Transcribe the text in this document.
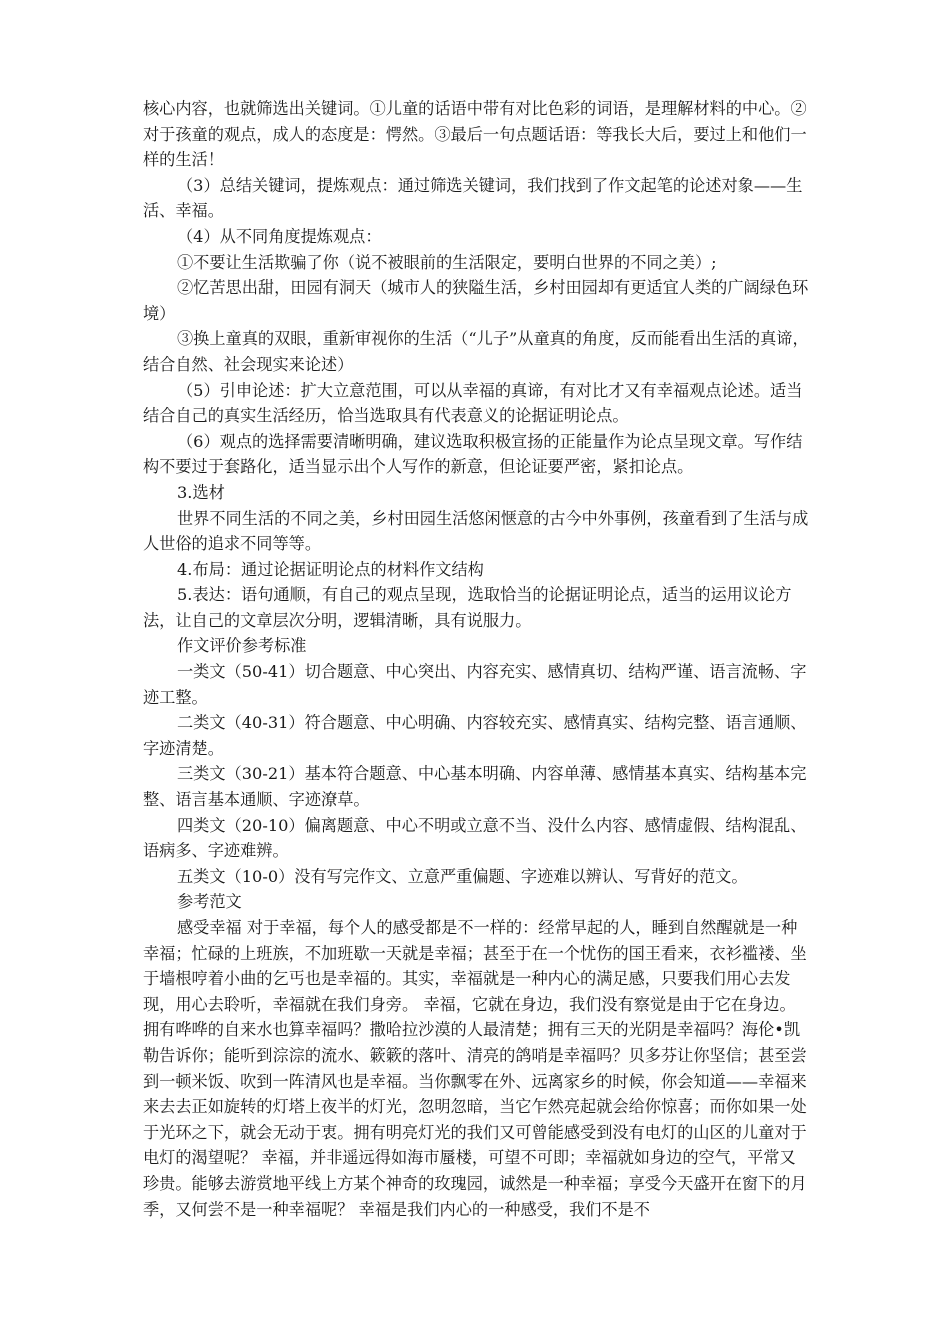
核心内容，也就筛选出关键词。①儿童的话语中带有对比色彩的词语，是理解材料的中心。②对于孩童的观点，成人的态度是：愕然。③最后一句点题话语：等我长大后，要过上和他们一样的生活！

（3）总结关键词，提炼观点：通过筛选关键词，我们找到了作文起笔的论述对象——生活、幸福。

（4）从不同角度提炼观点：

①不要让生活欺骗了你（说不被眼前的生活限定，要明白世界的不同之美）;

②忆苦思出甜，田园有洞天（城市人的狭隘生活，乡村田园却有更适宜人类的广阔绿色环境）

③换上童真的双眼，重新审视你的生活（“儿子”从童真的角度，反而能看出生活的真谛，结合自然、社会现实来论述）

（5）引申论述：扩大立意范围，可以从幸福的真谛，有对比才又有幸福观点论述。适当结合自己的真实生活经历，恰当选取具有代表意义的论据证明论点。

（6）观点的选择需要清晰明确，建议选取积极宣扬的正能量作为论点呈现文章。写作结构不要过于套路化，适当显示出个人写作的新意，但论证要严密，紧扣论点。

3.选材

世界不同生活的不同之美，乡村田园生活悠闲惬意的古今中外事例，孩童看到了生活与成人世俗的追求不同等等。

4.布局：通过论据证明论点的材料作文结构

5.表达：语句通顺，有自己的观点呈现，选取恰当的论据证明论点，适当的运用议论方法，让自己的文章层次分明，逻辑清晰，具有说服力。

作文评价参考标准

一类文（50-41）切合题意、中心突出、内容充实、感情真切、结构严谨、语言流畅、字迹工整。

二类文（40-31）符合题意、中心明确、内容较充实、感情真实、结构完整、语言通顺、字迹清楚。

三类文（30-21）基本符合题意、中心基本明确、内容单薄、感情基本真实、结构基本完整、语言基本通顺、字迹潦草。

四类文（20-10）偏离题意、中心不明或立意不当、没什么内容、感情虚假、结构混乱、语病多、字迹难辨。

五类文（10-0）没有写完作文、立意严重偏题、字迹难以辨认、写背好的范文。

参考范文

感受幸福 对于幸福，每个人的感受都是不一样的：经常早起的人，睡到自然醒就是一种幸福；忙碌的上班族，不加班歇一天就是幸福；甚至于在一个忧伤的国王看来，衣衫褴褛、坐于墙根哼着小曲的乞丐也是幸福的。其实，幸福就是一种内心的满足感，只要我们用心去发现，用心去聆听，幸福就在我们身旁。 幸福，它就在身边，我们没有察觉是由于它在身边。拥有哗哗的自来水也算幸福吗？撒哈拉沙漠的人最清楚；拥有三天的光阴是幸福吗？海伦•凯勒告诉你；能听到淙淙的流水、簌簌的落叶、清亮的鸽哨是幸福吗？贝多芬让你坚信；甚至尝到一顿米饭、吹到一阵清风也是幸福。当你飘零在外、远离家乡的时候，你会知道——幸福来来去去正如旋转的灯塔上夜半的灯光，忽明忽暗，当它乍然亮起就会给你惊喜；而你如果一处于光环之下，就会无动于衷。拥有明亮灯光的我们又可曾能感受到没有电灯的山区的儿童对于电灯的渴望呢？ 幸福，并非遥远得如海市蜃楼，可望不可即；幸福就如身边的空气，平常又珍贵。能够去游赏地平线上方某个神奇的玫瑰园，诚然是一种幸福；享受今天盛开在窗下的月季，又何尝不是一种幸福呢？ 幸福是我们内心的一种感受，我们不是不
